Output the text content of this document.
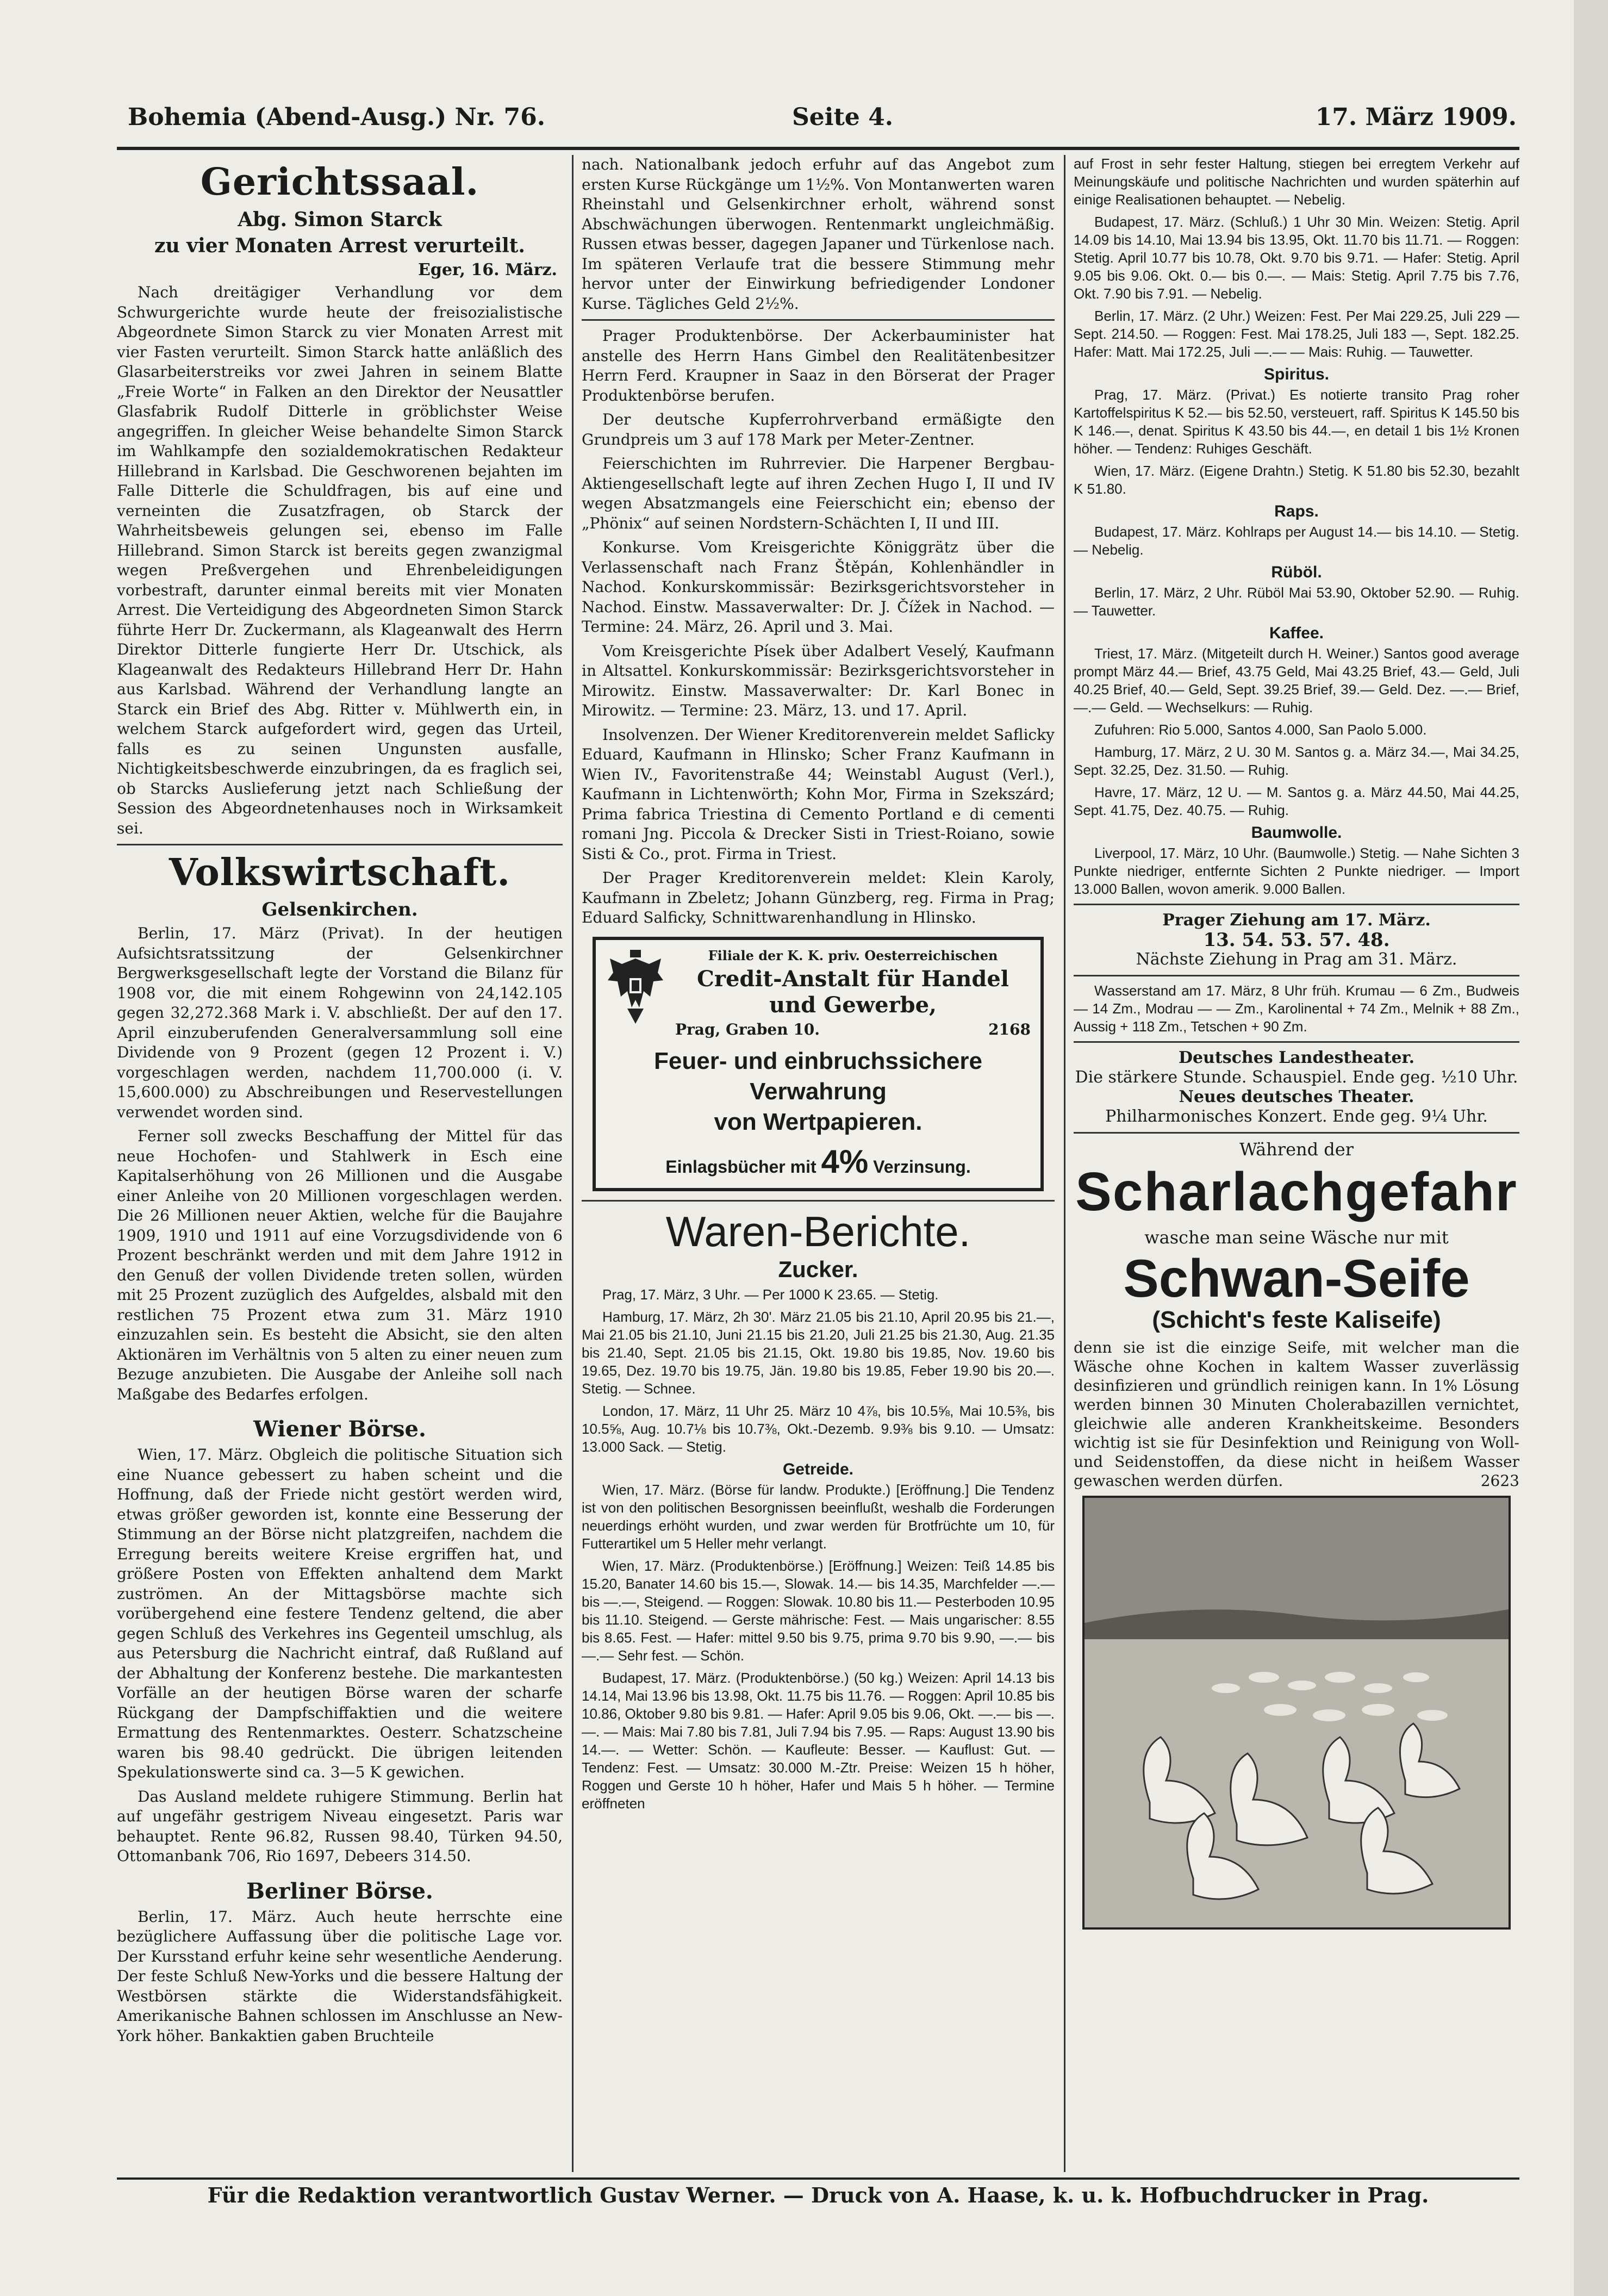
Bohemia (Abend-Ausg.) Nr. 76.	Seite 4.	17. März 1909.
Gerichtssaal.
Abg. Simon Starck
zu vier Monaten Arrest verurteilt.
Eger, 16. März.

Nach dreitägiger Verhandlung vor dem Schwurgerichte wurde heute der freisozialistische Abgeordnete Simon Starck zu vier Monaten Arrest mit vier Fasten verurteilt. Simon Starck hatte anläßlich des Glasarbeiterstreiks vor zwei Jahren in seinem Blatte „Freie Worte“ in Falken an den Direktor der Neusattler Glasfabrik Rudolf Ditterle in gröblichster Weise angegriffen. In gleicher Weise behandelte Simon Starck im Wahlkampfe den sozialdemokratischen Redakteur Hillebrand in Karlsbad. Die Geschworenen bejahten im Falle Ditterle die Schuldfragen, bis auf eine und verneinten die Zusatzfragen, ob Starck der Wahrheitsbeweis gelungen sei, ebenso im Falle Hillebrand. Simon Starck ist bereits gegen zwanzigmal wegen Preßvergehen und Ehrenbeleidigungen vorbestraft, darunter einmal bereits mit vier Monaten Arrest. Die Verteidigung des Abgeordneten Simon Starck führte Herr Dr. Zuckermann, als Klageanwalt des Herrn Direktor Ditterle fungierte Herr Dr. Utschick, als Klageanwalt des Redakteurs Hillebrand Herr Dr. Hahn aus Karlsbad. Während der Verhandlung langte an Starck ein Brief des Abg. Ritter v. Mühlwerth ein, in welchem Starck aufgefordert wird, gegen das Urteil, falls es zu seinen Ungunsten ausfalle, Nichtigkeitsbeschwerde einzubringen, da es fraglich sei, ob Starcks Auslieferung jetzt nach Schließung der Session des Abgeordnetenhauses noch in Wirksamkeit sei.

Volkswirtschaft.
Gelsenkirchen.

Berlin, 17. März (Privat). In der heutigen Aufsichtsratssitzung der Gelsenkirchner Bergwerksgesellschaft legte der Vorstand die Bilanz für 1908 vor, die mit einem Rohgewinn von 24,142.105 gegen 32,272.368 Mark i. V. abschließt. Der auf den 17. April einzuberufenden Generalversammlung soll eine Dividende von 9 Prozent (gegen 12 Prozent i. V.) vorgeschlagen werden, nachdem 11,700.000 (i. V. 15,600.000) zu Abschreibungen und Reservestellungen verwendet worden sind.

Ferner soll zwecks Beschaffung der Mittel für das neue Hochofen- und Stahlwerk in Esch eine Kapitalserhöhung von 26 Millionen und die Ausgabe einer Anleihe von 20 Millionen vorgeschlagen werden. Die 26 Millionen neuer Aktien, welche für die Baujahre 1909, 1910 und 1911 auf eine Vorzugsdividende von 6 Prozent beschränkt werden und mit dem Jahre 1912 in den Genuß der vollen Dividende treten sollen, würden mit 25 Prozent zuzüglich des Aufgeldes, alsbald mit den restlichen 75 Prozent etwa zum 31. März 1910 einzuzahlen sein. Es besteht die Absicht, sie den alten Aktionären im Verhältnis von 5 alten zu einer neuen zum Bezuge anzubieten. Die Ausgabe der Anleihe soll nach Maßgabe des Bedarfes erfolgen.

Wiener Börse.

Wien, 17. März. Obgleich die politische Situation sich eine Nuance gebessert zu haben scheint und die Hoffnung, daß der Friede nicht gestört werden wird, etwas größer geworden ist, konnte eine Besserung der Stimmung an der Börse nicht platzgreifen, nachdem die Erregung bereits weitere Kreise ergriffen hat, und größere Posten von Effekten anhaltend dem Markt zuströmen. An der Mittagsbörse machte sich vorübergehend eine festere Tendenz geltend, die aber gegen Schluß des Verkehres ins Gegenteil umschlug, als aus Petersburg die Nachricht eintraf, daß Rußland auf der Abhaltung der Konferenz bestehe. Die markantesten Vorfälle an der heutigen Börse waren der scharfe Rückgang der Dampfschiffaktien und die weitere Ermattung des Rentenmarktes. Oesterr. Schatzscheine waren bis 98.40 gedrückt. Die übrigen leitenden Spekulationswerte sind ca. 3—5 K gewichen.

Das Ausland meldete ruhigere Stimmung. Berlin hat auf ungefähr gestrigem Niveau eingesetzt. Paris war behauptet. Rente 96.82, Russen 98.40, Türken 94.50, Ottomanbank 706, Rio 1697, Debeers 314.50.

Berliner Börse.

Berlin, 17. März. Auch heute herrschte eine bezüglichere Auffassung über die politische Lage vor. Der Kursstand erfuhr keine sehr wesentliche Aenderung. Der feste Schluß New-Yorks und die bessere Haltung der Westbörsen stärkte die Widerstandsfähigkeit. Amerikanische Bahnen schlossen im Anschlusse an New-York höher. Bankaktien gaben Bruchteile

nach. Nationalbank jedoch erfuhr auf das Angebot zum ersten Kurse Rückgänge um 1½%. Von Montanwerten waren Rheinstahl und Gelsenkirchner erholt, während sonst Abschwächungen überwogen. Rentenmarkt ungleichmäßig. Russen etwas besser, dagegen Japaner und Türkenlose nach. Im späteren Verlaufe trat die bessere Stimmung mehr hervor unter der Einwirkung befriedigender Londoner Kurse. Tägliches Geld 2½%.

Prager Produktenbörse. Der Ackerbauminister hat anstelle des Herrn Hans Gimbel den Realitätenbesitzer Herrn Ferd. Kraupner in Saaz in den Börserat der Prager Produktenbörse berufen.

Der deutsche Kupferrohrverband ermäßigte den Grundpreis um 3 auf 178 Mark per Meter-Zentner.

Feierschichten im Ruhrrevier. Die Harpener Bergbau-Aktiengesellschaft legte auf ihren Zechen Hugo I, II und IV wegen Absatzmangels eine Feierschicht ein; ebenso der „Phönix“ auf seinen Nordstern-Schächten I, II und III.

Konkurse. Vom Kreisgerichte Königgrätz über die Verlassenschaft nach Franz Štěpán, Kohlenhändler in Nachod. Konkurskommissär: Bezirksgerichtsvorsteher in Nachod. Einstw. Massaverwalter: Dr. J. Čížek in Nachod. — Termine: 24. März, 26. April und 3. Mai.

Vom Kreisgerichte Písek über Adalbert Veselý, Kaufmann in Altsattel. Konkurskommissär: Bezirksgerichtsvorsteher in Mirowitz. Einstw. Massaverwalter: Dr. Karl Bonec in Mirowitz. — Termine: 23. März, 13. und 17. April.

Insolvenzen. Der Wiener Kreditorenverein meldet Saflicky Eduard, Kaufmann in Hlinsko; Scher Franz Kaufmann in Wien IV., Favoritenstraße 44; Weinstabl August (Verl.), Kaufmann in Lichtenwörth; Kohn Mor, Firma in Szekszárd; Prima fabrica Triestina di Cemento Portland e di cementi romani Jng. Piccola & Drecker Sisti in Triest-Roiano, sowie Sisti & Co., prot. Firma in Triest.

Der Prager Kreditorenverein meldet: Klein Karoly, Kaufmann in Zbeletz; Johann Günzberg, reg. Firma in Prag; Eduard Salficky, Schnittwarenhandlung in Hlinsko.

Filiale der K. K. priv. Oesterreichischen
Credit-Anstalt für Handel und Gewerbe,
Prag, Graben 10.	2168
Feuer- und einbruchssichere Verwahrung
von Wertpapieren.
Einlagsbücher mit 4% Verzinsung.
Waren-Berichte.
Zucker.

Prag, 17. März, 3 Uhr. — Per 1000 K 23.65. — Stetig.

Hamburg, 17. März, 2h 30'. März 21.05 bis 21.10, April 20.95 bis 21.—, Mai 21.05 bis 21.10, Juni 21.15 bis 21.20, Juli 21.25 bis 21.30, Aug. 21.35 bis 21.40, Sept. 21.05 bis 21.15, Okt. 19.80 bis 19.85, Nov. 19.60 bis 19.65, Dez. 19.70 bis 19.75, Jän. 19.80 bis 19.85, Feber 19.90 bis 20.—. Stetig. — Schnee.

London, 17. März, 11 Uhr 25. März 10 4⅞, bis 10.5⅝, Mai 10.5⅜, bis 10.5⅝, Aug. 10.7⅛ bis 10.7⅜, Okt.-Dezemb. 9.9⅜ bis 9.10. — Umsatz: 13.000 Sack. — Stetig.

Getreide.

Wien, 17. März. (Börse für landw. Produkte.) [Eröffnung.] Die Tendenz ist von den politischen Besorgnissen beeinflußt, weshalb die Forderungen neuerdings erhöht wurden, und zwar werden für Brotfrüchte um 10, für Futterartikel um 5 Heller mehr verlangt.

Wien, 17. März. (Produktenbörse.) [Eröffnung.] Weizen: Teiß 14.85 bis 15.20, Banater 14.60 bis 15.—, Slowak. 14.— bis 14.35, Marchfelder —.— bis —.—, Steigend. — Roggen: Slowak. 10.80 bis 11.— Pesterboden 10.95 bis 11.10. Steigend. — Gerste mährische: Fest. — Mais ungarischer: 8.55 bis 8.65. Fest. — Hafer: mittel 9.50 bis 9.75, prima 9.70 bis 9.90, —.— bis —.— Sehr fest. — Schön.

Budapest, 17. März. (Produktenbörse.) (50 kg.) Weizen: April 14.13 bis 14.14, Mai 13.96 bis 13.98, Okt. 11.75 bis 11.76. — Roggen: April 10.85 bis 10.86, Oktober 9.80 bis 9.81. — Hafer: April 9.05 bis 9.06, Okt. —.— bis —.—. — Mais: Mai 7.80 bis 7.81, Juli 7.94 bis 7.95. — Raps: August 13.90 bis 14.—. — Wetter: Schön. — Kaufleute: Besser. — Kauflust: Gut. — Tendenz: Fest. — Umsatz: 30.000 M.-Ztr. Preise: Weizen 15 h höher, Roggen und Gerste 10 h höher, Hafer und Mais 5 h höher. — Termine eröffneten

auf Frost in sehr fester Haltung, stiegen bei erregtem Verkehr auf Meinungskäufe und politische Nachrichten und wurden späterhin auf einige Realisationen behauptet. — Nebelig.

Budapest, 17. März. (Schluß.) 1 Uhr 30 Min. Weizen: Stetig. April 14.09 bis 14.10, Mai 13.94 bis 13.95, Okt. 11.70 bis 11.71. — Roggen: Stetig. April 10.77 bis 10.78, Okt. 9.70 bis 9.71. — Hafer: Stetig. April 9.05 bis 9.06. Okt. 0.— bis 0.—. — Mais: Stetig. April 7.75 bis 7.76, Okt. 7.90 bis 7.91. — Nebelig.

Berlin, 17. März. (2 Uhr.) Weizen: Fest. Per Mai 229.25, Juli 229 — Sept. 214.50. — Roggen: Fest. Mai 178.25, Juli 183 —, Sept. 182.25. Hafer: Matt. Mai 172.25, Juli —.— — Mais: Ruhig. — Tauwetter.

Spiritus.

Prag, 17. März. (Privat.) Es notierte transito Prag roher Kartoffelspiritus K 52.— bis 52.50, versteuert, raff. Spiritus K 145.50 bis K 146.—, denat. Spiritus K 43.50 bis 44.—, en detail 1 bis 1½ Kronen höher. — Tendenz: Ruhiges Geschäft.

Wien, 17. März. (Eigene Drahtn.) Stetig. K 51.80 bis 52.30, bezahlt K 51.80.

Raps.

Budapest, 17. März. Kohlraps per August 14.— bis 14.10. — Stetig. — Nebelig.

Rüböl.

Berlin, 17. März, 2 Uhr. Rüböl Mai 53.90, Oktober 52.90. — Ruhig. — Tauwetter.

Kaffee.

Triest, 17. März. (Mitgeteilt durch H. Weiner.) Santos good average prompt März 44.— Brief, 43.75 Geld, Mai 43.25 Brief, 43.— Geld, Juli 40.25 Brief, 40.— Geld, Sept. 39.25 Brief, 39.— Geld. Dez. —.— Brief, —.— Geld. — Wechselkurs: — Ruhig.

Zufuhren: Rio 5.000, Santos 4.000, San Paolo 5.000.

Hamburg, 17. März, 2 U. 30 M. Santos g. a. März 34.—, Mai 34.25, Sept. 32.25, Dez. 31.50. — Ruhig.

Havre, 17. März, 12 U. — M. Santos g. a. März 44.50, Mai 44.25, Sept. 41.75, Dez. 40.75. — Ruhig.

Baumwolle.

Liverpool, 17. März, 10 Uhr. (Baumwolle.) Stetig. — Nahe Sichten 3 Punkte niedriger, entfernte Sichten 2 Punkte niedriger. — Import 13.000 Ballen, wovon amerik. 9.000 Ballen.

Prager Ziehung am 17. März.
13. 54. 53. 57. 48.
Nächste Ziehung in Prag am 31. März.

Wasserstand am 17. März, 8 Uhr früh. Krumau — 6 Zm., Budweis — 14 Zm., Modrau — — Zm., Karolinental + 74 Zm., Melnik + 88 Zm., Aussig + 118 Zm., Tetschen + 90 Zm.

Deutsches Landestheater.
Die stärkere Stunde. Schauspiel. Ende geg. ½10 Uhr.
Neues deutsches Theater.
Philharmonisches Konzert. Ende geg. 9¼ Uhr.
Während der
Scharlachgefahr
wasche man seine Wäsche nur mit
Schwan-Seife
(Schicht's feste Kaliseife)

denn sie ist die einzige Seife, mit welcher man die Wäsche ohne Kochen in kaltem Wasser zuverlässig desinfizieren und gründlich reinigen kann. In 1% Lösung werden binnen 30 Minuten Cholerabazillen vernichtet, gleichwie alle anderen Krankheitskeime. Besonders wichtig ist sie für Desinfektion und Reinigung von Woll- und Seidenstoffen, da diese nicht in heißem Wasser gewaschen werden dürfen.	2623

Für die Redaktion verantwortlich Gustav Werner. — Druck von A. Haase, k. u. k. Hofbuchdrucker in Prag.
